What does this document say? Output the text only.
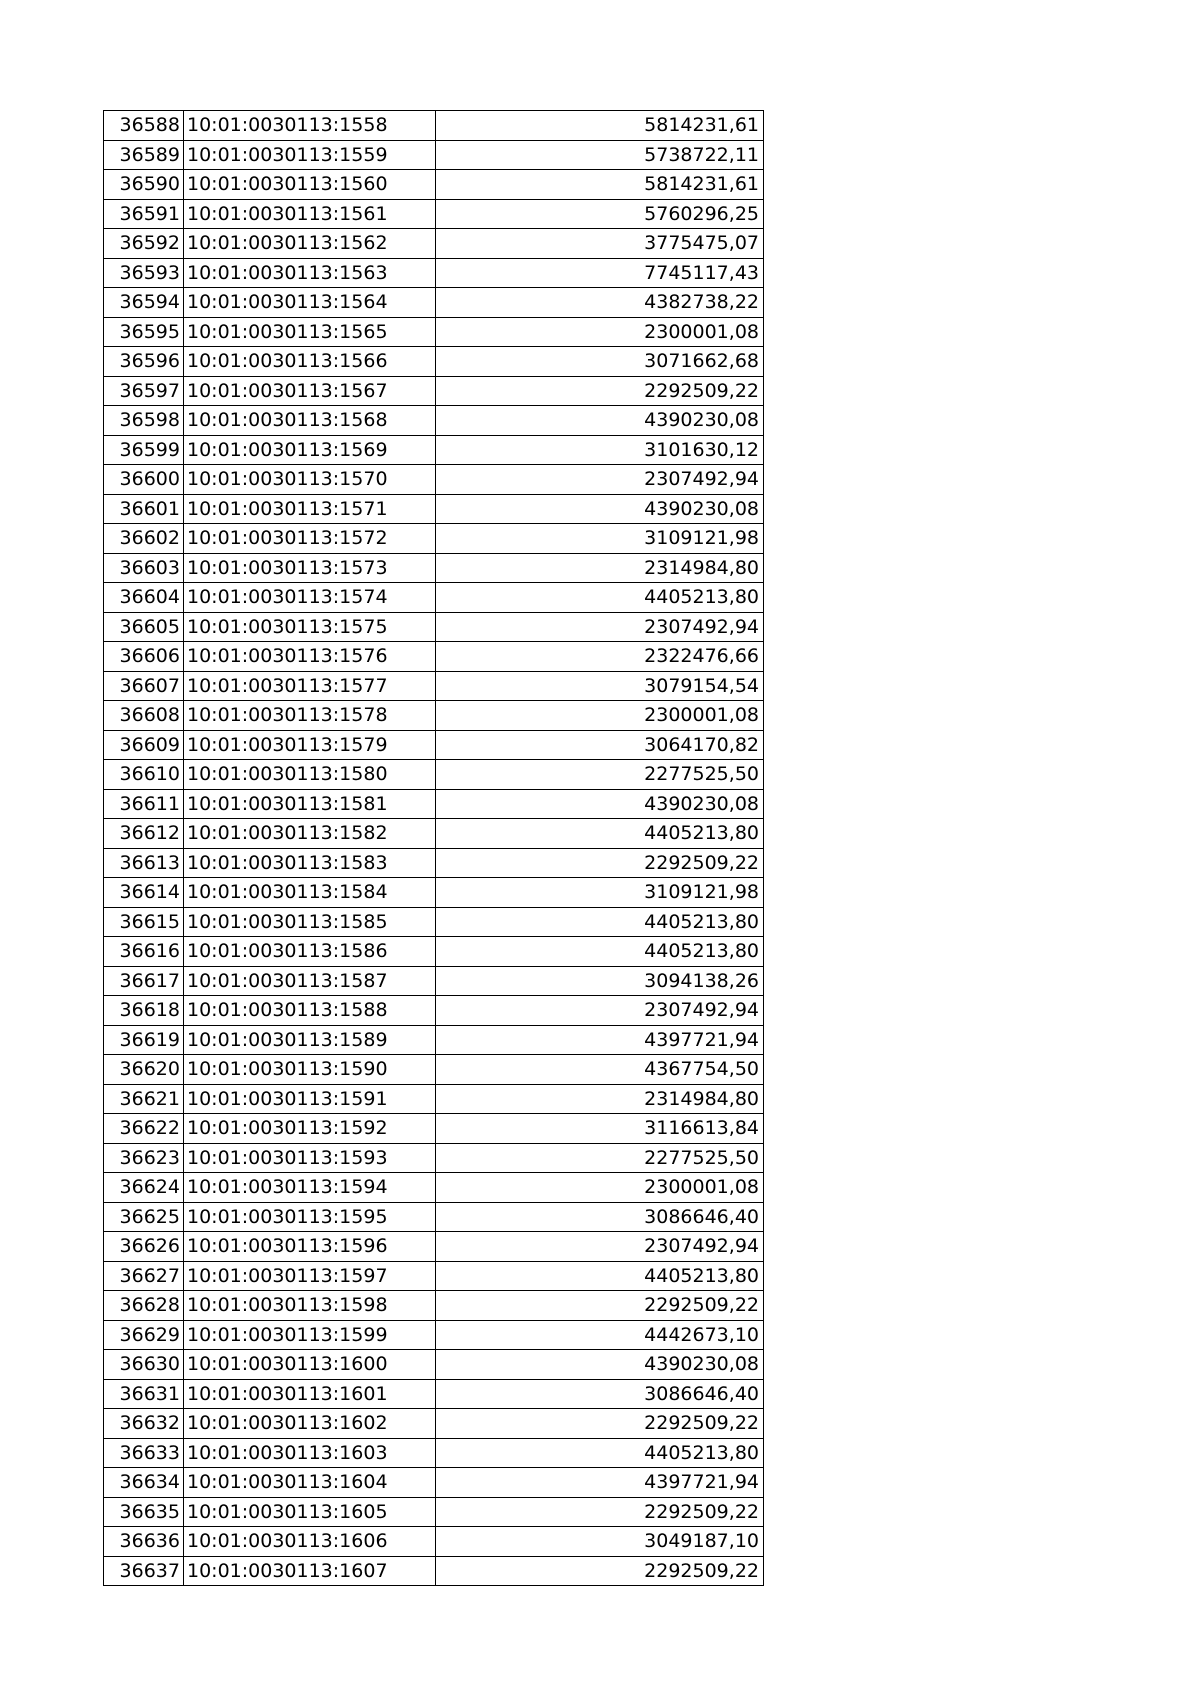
36588	10:01:0030113:1558	5814231,61
36589	10:01:0030113:1559	5738722,11
36590	10:01:0030113:1560	5814231,61
36591	10:01:0030113:1561	5760296,25
36592	10:01:0030113:1562	3775475,07
36593	10:01:0030113:1563	7745117,43
36594	10:01:0030113:1564	4382738,22
36595	10:01:0030113:1565	2300001,08
36596	10:01:0030113:1566	3071662,68
36597	10:01:0030113:1567	2292509,22
36598	10:01:0030113:1568	4390230,08
36599	10:01:0030113:1569	3101630,12
36600	10:01:0030113:1570	2307492,94
36601	10:01:0030113:1571	4390230,08
36602	10:01:0030113:1572	3109121,98
36603	10:01:0030113:1573	2314984,80
36604	10:01:0030113:1574	4405213,80
36605	10:01:0030113:1575	2307492,94
36606	10:01:0030113:1576	2322476,66
36607	10:01:0030113:1577	3079154,54
36608	10:01:0030113:1578	2300001,08
36609	10:01:0030113:1579	3064170,82
36610	10:01:0030113:1580	2277525,50
36611	10:01:0030113:1581	4390230,08
36612	10:01:0030113:1582	4405213,80
36613	10:01:0030113:1583	2292509,22
36614	10:01:0030113:1584	3109121,98
36615	10:01:0030113:1585	4405213,80
36616	10:01:0030113:1586	4405213,80
36617	10:01:0030113:1587	3094138,26
36618	10:01:0030113:1588	2307492,94
36619	10:01:0030113:1589	4397721,94
36620	10:01:0030113:1590	4367754,50
36621	10:01:0030113:1591	2314984,80
36622	10:01:0030113:1592	3116613,84
36623	10:01:0030113:1593	2277525,50
36624	10:01:0030113:1594	2300001,08
36625	10:01:0030113:1595	3086646,40
36626	10:01:0030113:1596	2307492,94
36627	10:01:0030113:1597	4405213,80
36628	10:01:0030113:1598	2292509,22
36629	10:01:0030113:1599	4442673,10
36630	10:01:0030113:1600	4390230,08
36631	10:01:0030113:1601	3086646,40
36632	10:01:0030113:1602	2292509,22
36633	10:01:0030113:1603	4405213,80
36634	10:01:0030113:1604	4397721,94
36635	10:01:0030113:1605	2292509,22
36636	10:01:0030113:1606	3049187,10
36637	10:01:0030113:1607	2292509,22
